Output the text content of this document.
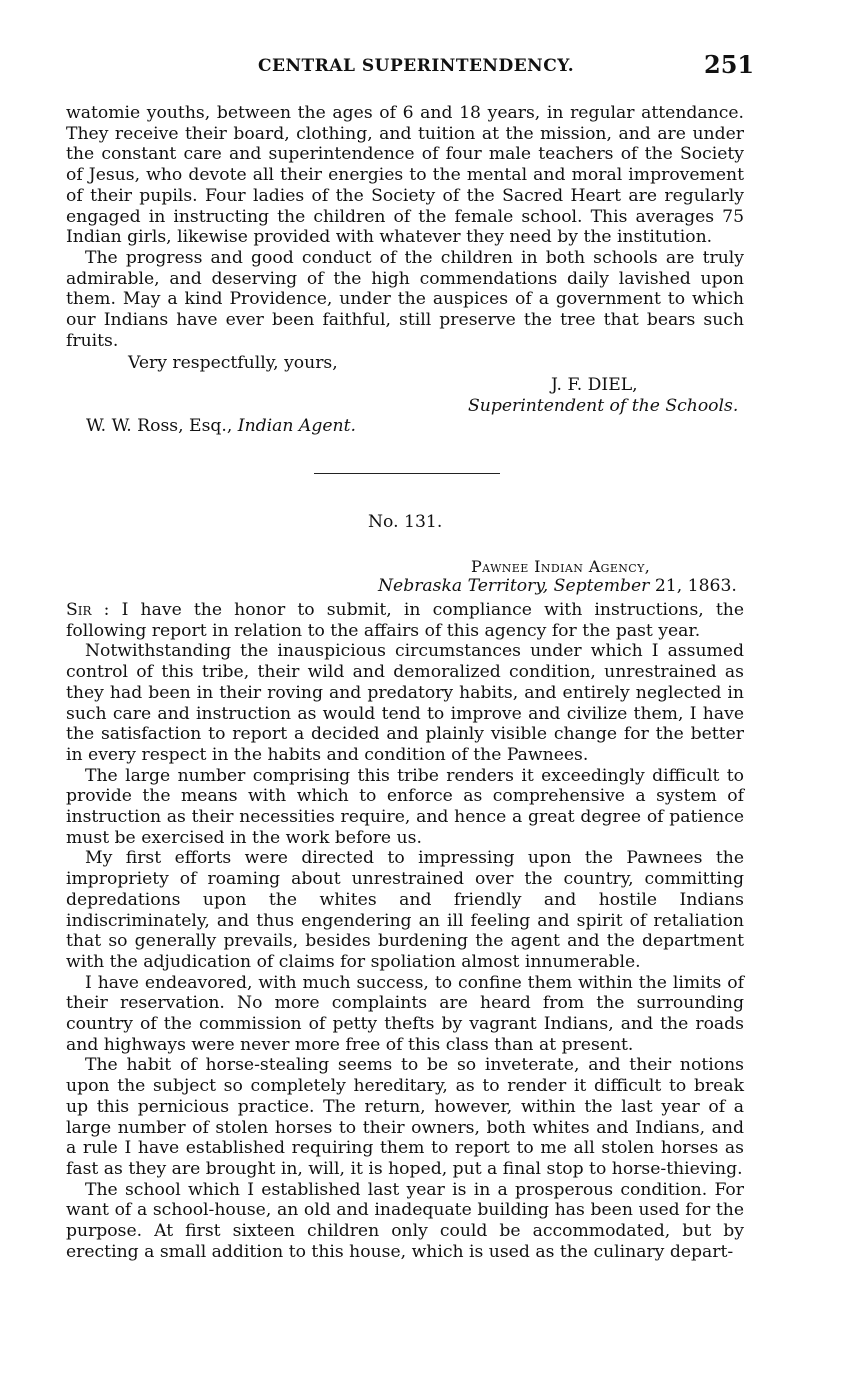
CENTRAL SUPERINTENDENCY.	251

watomie youths, between the ages of 6 and 18 years, in regular attendance. They receive their board, clothing, and tuition at the mission, and are under the constant care and superintendence of four male teachers of the Society of Jesus, who devote all their energies to the mental and moral improvement of their pupils. Four ladies of the Society of the Sacred Heart are regularly engaged in instructing the children of the female school. This averages 75 Indian girls, likewise provided with whatever they need by the institution.

The progress and good conduct of the children in both schools are truly admirable, and deserving of the high commendations daily lavished upon them. May a kind Providence, under the auspices of a government to which our Indians have ever been faithful, still preserve the tree that bears such fruits.

Very respectfully, yours,
J. F. DIEL,
Superintendent of the Schools.
W. W. Ross, Esq., Indian Agent.
No. 131.
Pawnee Indian Agency,
Nebraska Territory, September 21, 1863.

Sir : I have the honor to submit, in compliance with instructions, the following report in relation to the affairs of this agency for the past year.

Notwithstanding the inauspicious circumstances under which I assumed control of this tribe, their wild and demoralized condition, unrestrained as they had been in their roving and predatory habits, and entirely neglected in such care and instruction as would tend to improve and civilize them, I have the satisfaction to report a decided and plainly visible change for the better in every respect in the habits and condition of the Pawnees.

The large number comprising this tribe renders it exceedingly difficult to provide the means with which to enforce as comprehensive a system of instruction as their necessities require, and hence a great degree of patience must be exercised in the work before us.

My first efforts were directed to impressing upon the Pawnees the impropriety of roaming about unrestrained over the country, committing depredations upon the whites and friendly and hostile Indians indiscriminately, and thus engendering an ill feeling and spirit of retaliation that so generally prevails, besides burdening the agent and the department with the adjudication of claims for spoliation almost innumerable.

I have endeavored, with much success, to confine them within the limits of their reservation. No more complaints are heard from the surrounding country of the commission of petty thefts by vagrant Indians, and the roads and highways were never more free of this class than at present.

The habit of horse-stealing seems to be so inveterate, and their notions upon the subject so completely hereditary, as to render it difficult to break up this pernicious practice. The return, however, within the last year of a large number of stolen horses to their owners, both whites and Indians, and a rule I have established requiring them to report to me all stolen horses as fast as they are brought in, will, it is hoped, put a final stop to horse-thieving.

The school which I established last year is in a prosperous condition. For want of a school-house, an old and inadequate building has been used for the purpose. At first sixteen children only could be accommodated, but by erecting a small addition to this house, which is used as the culinary depart-
